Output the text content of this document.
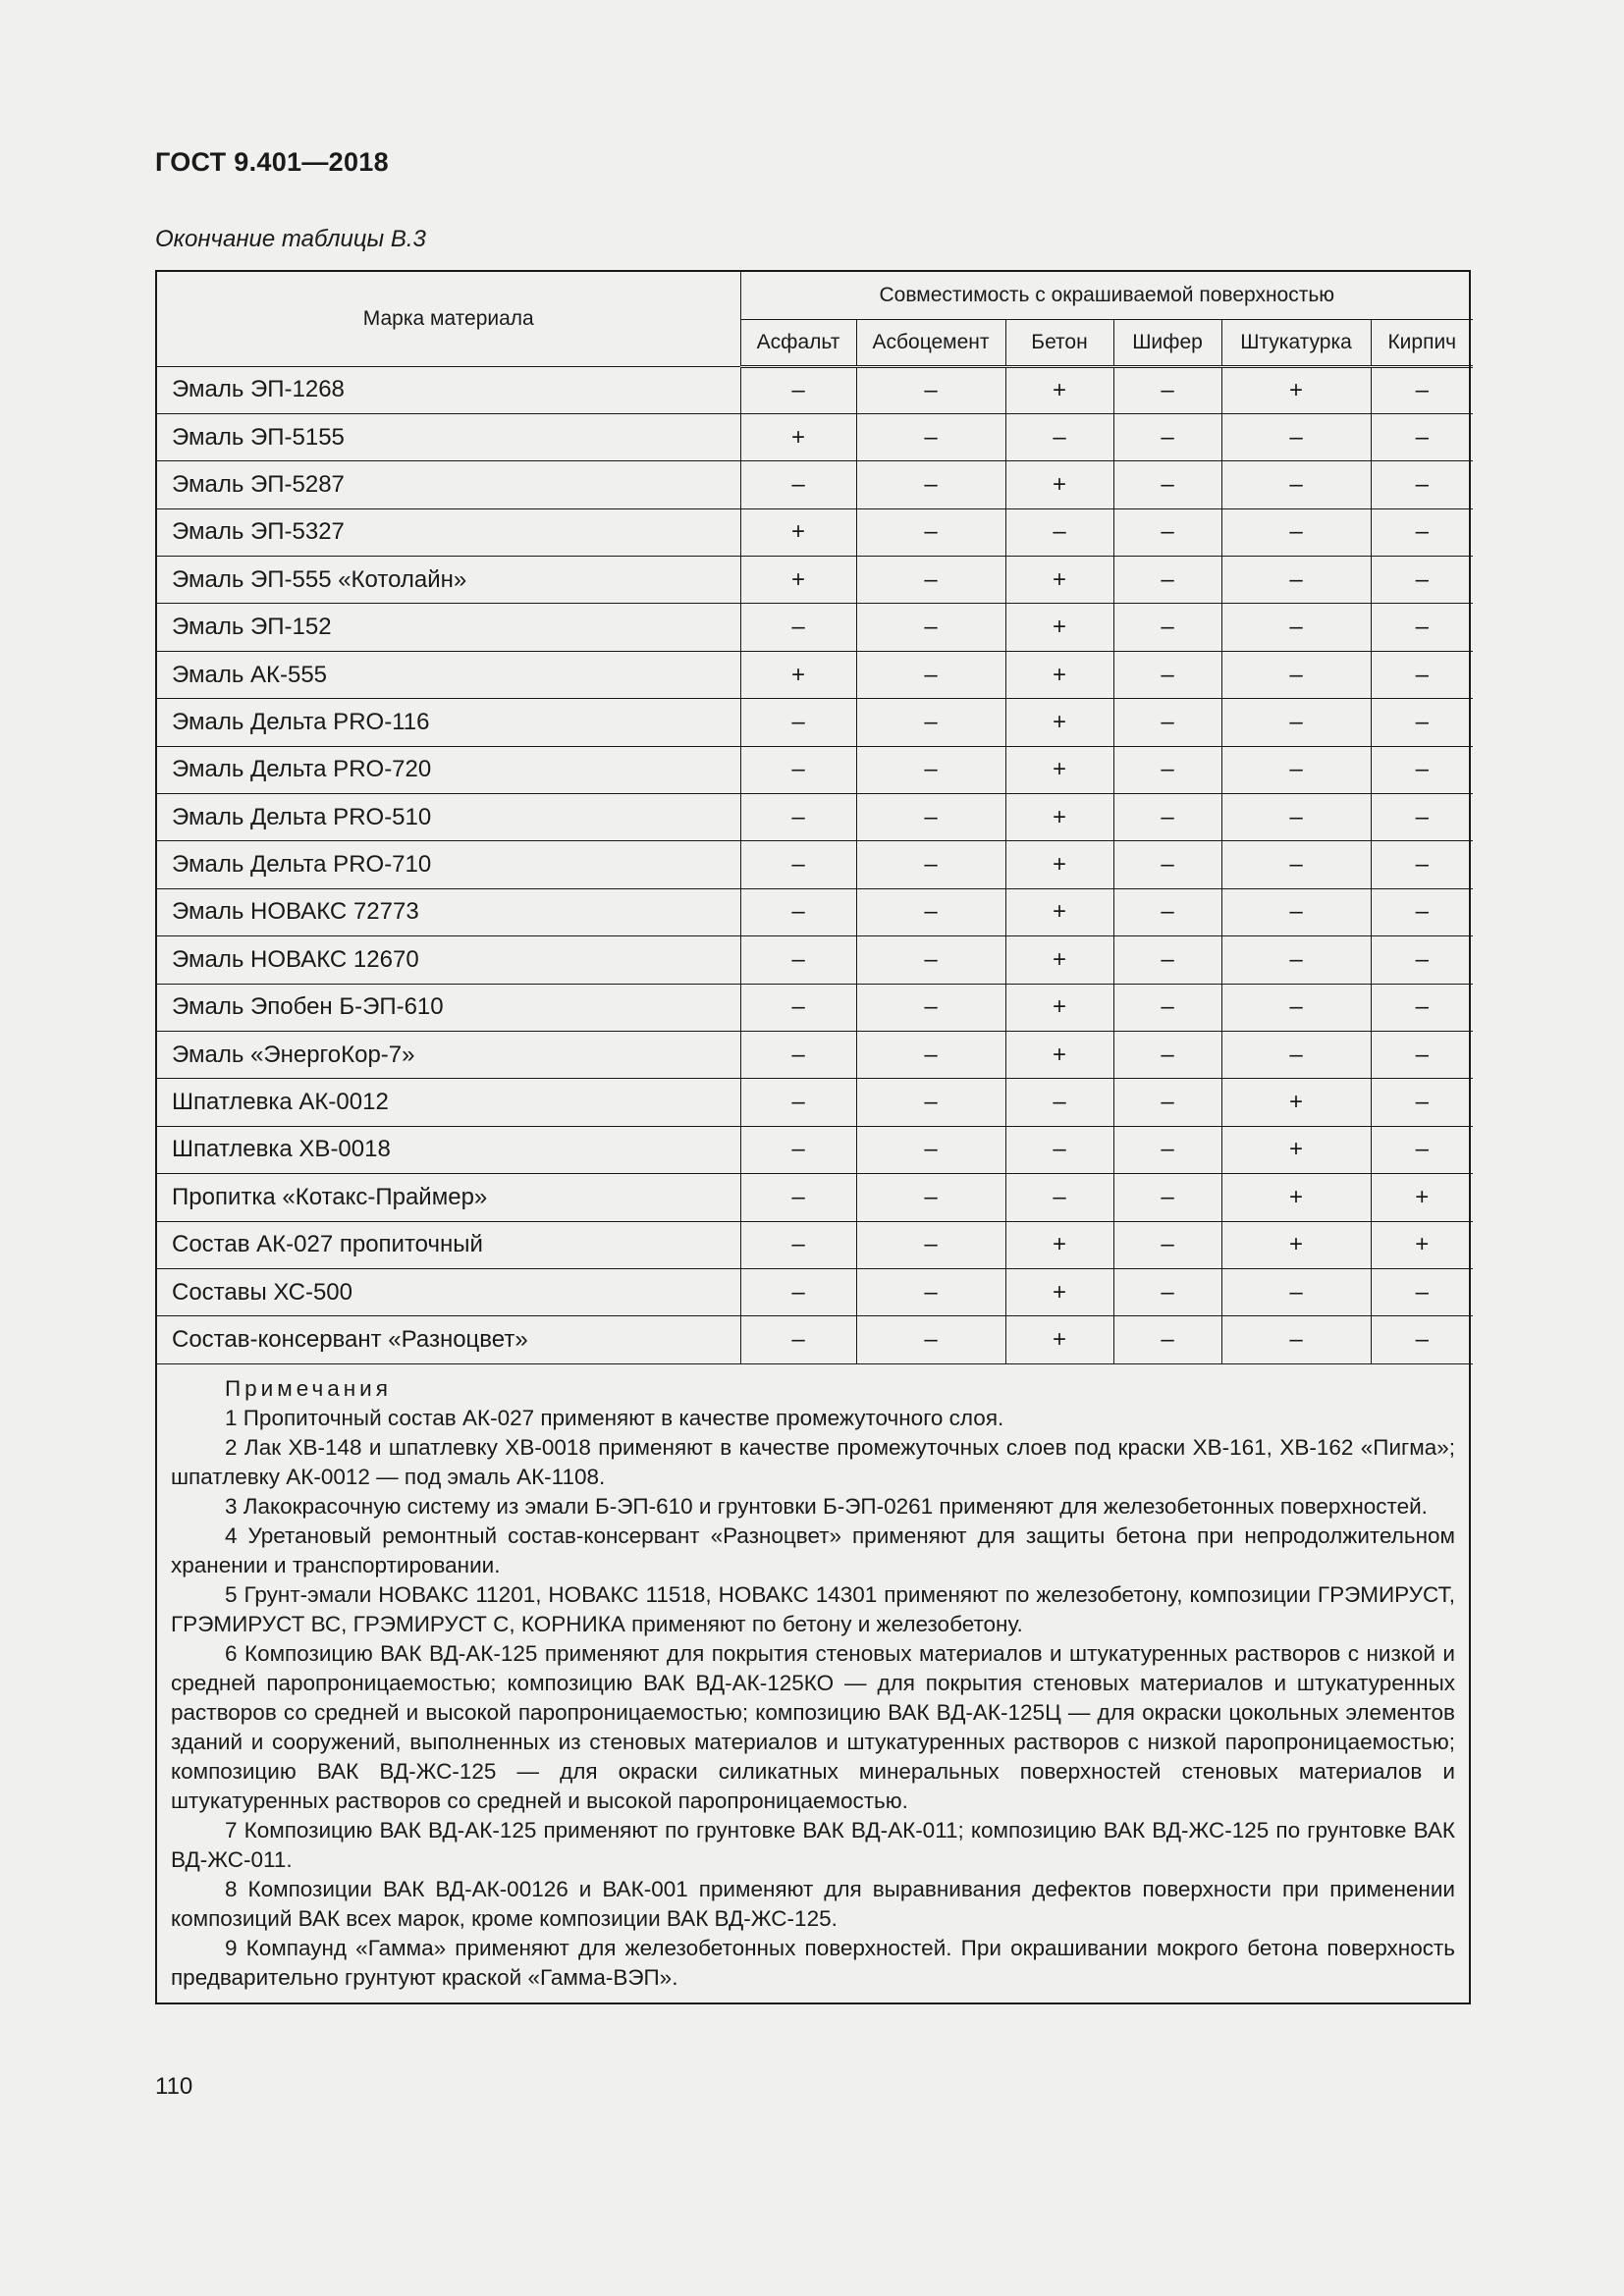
ГОСТ 9.401—2018
Окончание таблицы В.3
Марка материала	Совместимость с окрашиваемой поверхностью					
	Асфальт	Асбоцемент	Бетон	Шифер	Штукатурка	Кирпич
Эмаль ЭП-1268	–	–	+	–	+	–
Эмаль ЭП-5155	+	–	–	–	–	–
Эмаль ЭП-5287	–	–	+	–	–	–
Эмаль ЭП-5327	+	–	–	–	–	–
Эмаль ЭП-555 «Котолайн»	+	–	+	–	–	–
Эмаль ЭП-152	–	–	+	–	–	–
Эмаль АК-555	+	–	+	–	–	–
Эмаль Дельта PRO-116	–	–	+	–	–	–
Эмаль Дельта PRO-720	–	–	+	–	–	–
Эмаль Дельта PRO-510	–	–	+	–	–	–
Эмаль Дельта PRO-710	–	–	+	–	–	–
Эмаль НОВАКС 72773	–	–	+	–	–	–
Эмаль НОВАКС 12670	–	–	+	–	–	–
Эмаль Эпобен Б-ЭП-610	–	–	+	–	–	–
Эмаль «ЭнергоКор-7»	–	–	+	–	–	–
Шпатлевка АК-0012	–	–	–	–	+	–
Шпатлевка ХВ-0018	–	–	–	–	+	–
Пропитка «Котакс-Праймер»	–	–	–	–	+	+
Состав АК-027 пропиточный	–	–	+	–	+	+
Составы ХС-500	–	–	+	–	–	–
Состав-консервант «Разноцвет»	–	–	+	–	–	–

Примечания

1 Пропиточный состав АК-027 применяют в качестве промежуточного слоя.

2 Лак ХВ-148 и шпатлевку ХВ-0018 применяют в качестве промежуточных слоев под краски ХВ-161, ХВ-162 «Пигма»; шпатлевку АК-0012 — под эмаль АК-1108.

3 Лакокрасочную систему из эмали Б-ЭП-610 и грунтовки Б-ЭП-0261 применяют для железобетонных поверхностей.

4 Уретановый ремонтный состав-консервант «Разноцвет» применяют для защиты бетона при непродолжительном хранении и транспортировании.

5 Грунт-эмали НОВАКС 11201, НОВАКС 11518, НОВАКС 14301 применяют по железобетону, композиции ГРЭМИРУСТ, ГРЭМИРУСТ ВС, ГРЭМИРУСТ С, КОРНИКА применяют по бетону и железобетону.

6 Композицию ВАК ВД-АК-125 применяют для покрытия стеновых материалов и штукатуренных растворов с низкой и средней паропроницаемостью; композицию ВАК ВД-АК-125КО — для покрытия стеновых материалов и штукатуренных растворов со средней и высокой паропроницаемостью; композицию ВАК ВД-АК-125Ц — для окраски цокольных элементов зданий и сооружений, выполненных из стеновых материалов и штукатуренных растворов с низкой паропроницаемостью; композицию ВАК ВД-ЖС-125 — для окраски силикатных минеральных поверхностей стеновых материалов и штукатуренных растворов со средней и высокой паропроницаемостью.

7 Композицию ВАК ВД-АК-125 применяют по грунтовке ВАК ВД-АК-011; композицию ВАК ВД-ЖС-125 по грунтовке ВАК ВД-ЖС-011.

8 Композиции ВАК ВД-АК-00126 и ВАК-001 применяют для выравнивания дефектов поверхности при применении композиций ВАК всех марок, кроме композиции ВАК ВД-ЖС-125.

9 Компаунд «Гамма» применяют для железобетонных поверхностей. При окрашивании мокрого бетона поверхность предварительно грунтуют краской «Гамма-ВЭП».

110
